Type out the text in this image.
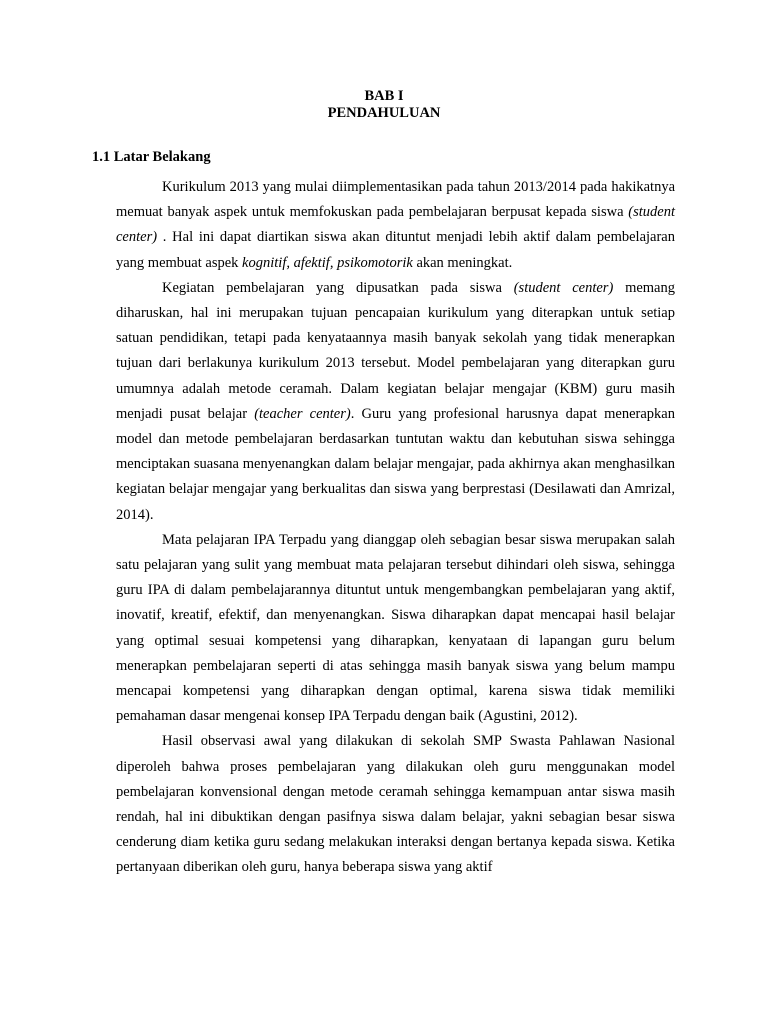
BAB I
PENDAHULUAN
1.1 Latar Belakang

Kurikulum 2013 yang mulai diimplementasikan pada tahun 2013/2014 pada hakikatnya memuat banyak aspek untuk memfokuskan pada pembelajaran berpusat kepada siswa (student center) . Hal ini dapat diartikan siswa akan dituntut menjadi lebih aktif dalam pembelajaran yang membuat aspek kognitif, afektif, psikomotorik akan meningkat.

Kegiatan pembelajaran yang dipusatkan pada siswa (student center) memang diharuskan, hal ini merupakan tujuan pencapaian kurikulum yang diterapkan untuk setiap satuan pendidikan, tetapi pada kenyataannya masih banyak sekolah yang tidak menerapkan tujuan dari berlakunya kurikulum 2013 tersebut. Model pembelajaran yang diterapkan guru umumnya adalah metode ceramah. Dalam kegiatan belajar mengajar (KBM) guru masih menjadi pusat belajar (teacher center). Guru yang profesional harusnya dapat menerapkan model dan metode pembelajaran berdasarkan tuntutan waktu dan kebutuhan siswa sehingga menciptakan suasana menyenangkan dalam belajar mengajar, pada akhirnya akan menghasilkan kegiatan belajar mengajar yang berkualitas dan siswa yang berprestasi (Desilawati dan Amrizal, 2014).

Mata pelajaran IPA Terpadu yang dianggap oleh sebagian besar siswa merupakan salah satu pelajaran yang sulit yang membuat mata pelajaran tersebut dihindari oleh siswa, sehingga guru IPA di dalam pembelajarannya dituntut untuk mengembangkan pembelajaran yang aktif, inovatif, kreatif, efektif, dan menyenangkan. Siswa diharapkan dapat mencapai hasil belajar yang optimal sesuai kompetensi yang diharapkan, kenyataan di lapangan guru belum menerapkan pembelajaran seperti di atas sehingga masih banyak siswa yang belum mampu mencapai kompetensi yang diharapkan dengan optimal, karena siswa tidak memiliki pemahaman dasar mengenai konsep IPA Terpadu dengan baik (Agustini, 2012).

Hasil observasi awal yang dilakukan di sekolah SMP Swasta Pahlawan Nasional diperoleh bahwa proses pembelajaran yang dilakukan oleh guru menggunakan model pembelajaran konvensional dengan metode ceramah sehingga kemampuan antar siswa masih rendah, hal ini dibuktikan dengan pasifnya siswa dalam belajar, yakni sebagian besar siswa cenderung diam ketika guru sedang melakukan interaksi dengan bertanya kepada siswa. Ketika pertanyaan diberikan oleh guru, hanya beberapa siswa yang aktif
